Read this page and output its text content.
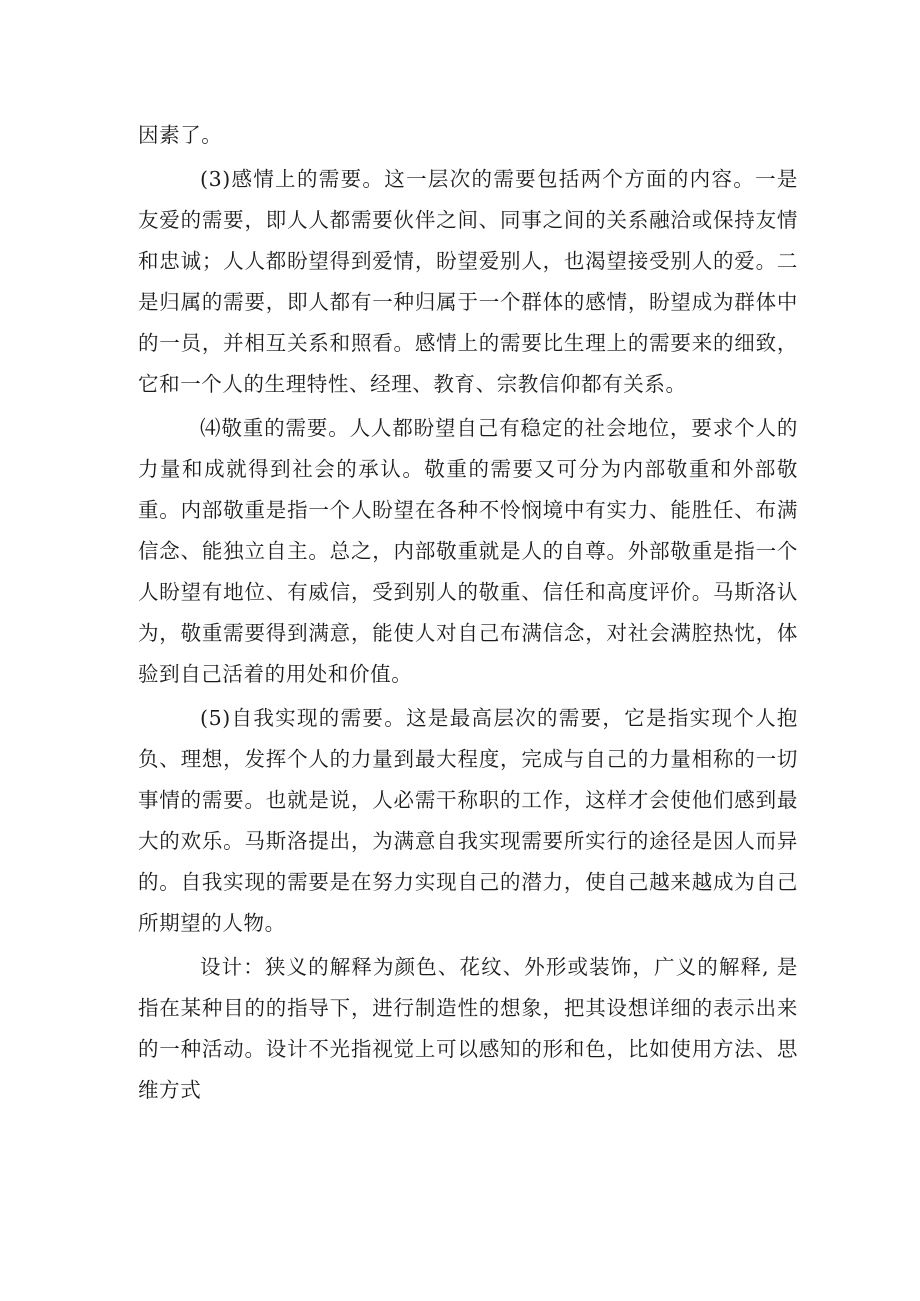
因素了。

(3)感情上的需要。这一层次的需要包括两个方面的内容。一是友爱的需要，即人人都需要伙伴之间、同事之间的关系融洽或保持友情和忠诚；人人都盼望得到爱情，盼望爱别人，也渴望接受别人的爱。二是归属的需要，即人都有一种归属于一个群体的感情，盼望成为群体中的一员，并相互关系和照看。感情上的需要比生理上的需要来的细致，它和一个人的生理特性、经理、教育、宗教信仰都有关系。

⑷敬重的需要。人人都盼望自己有稳定的社会地位，要求个人的力量和成就得到社会的承认。敬重的需要又可分为内部敬重和外部敬重。内部敬重是指一个人盼望在各种不怜悯境中有实力、能胜任、布满信念、能独立自主。总之，内部敬重就是人的自尊。外部敬重是指一个人盼望有地位、有威信，受到别人的敬重、信任和高度评价。马斯洛认为，敬重需要得到满意，能使人对自己布满信念，对社会满腔热忱，体验到自己活着的用处和价值。

(5)自我实现的需要。这是最高层次的需要，它是指实现个人抱负、理想，发挥个人的力量到最大程度，完成与自己的力量相称的一切事情的需要。也就是说，人必需干称职的工作，这样才会使他们感到最大的欢乐。马斯洛提出，为满意自我实现需要所实行的途径是因人而异的。自我实现的需要是在努力实现自己的潜力，使自己越来越成为自己所期望的人物。

设计：狭义的解释为颜色、花纹、外形或装饰，广义的解释, 是指在某种目的的指导下，进行制造性的想象，把其设想详细的表示出来的一种活动。设计不光指视觉上可以感知的形和色，比如使用方法、思维方式
